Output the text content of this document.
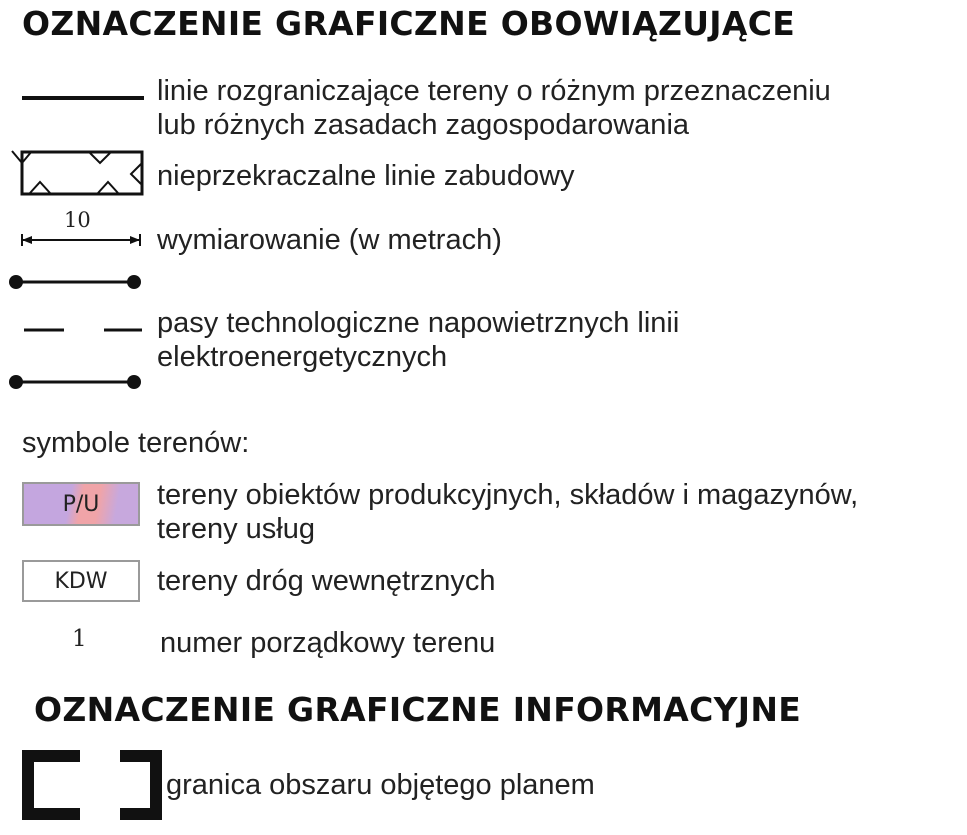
OZNACZENIE GRAFICZNE OBOWIĄZUJĄCE
linie rozgraniczające tereny o różnym przeznaczeniu
lub różnych zasadach zagospodarowania
nieprzekraczalne linie zabudowy
10
wymiarowanie (w metrach)
pasy technologiczne napowietrznych linii
elektroenergetycznych
symbole terenów:
P/U	tereny obiektów produkcyjnych, składów i magazynów,
tereny usług
KDW	tereny dróg wewnętrznych
1	numer porządkowy terenu
OZNACZENIE GRAFICZNE INFORMACYJNE
granica obszaru objętego planem
